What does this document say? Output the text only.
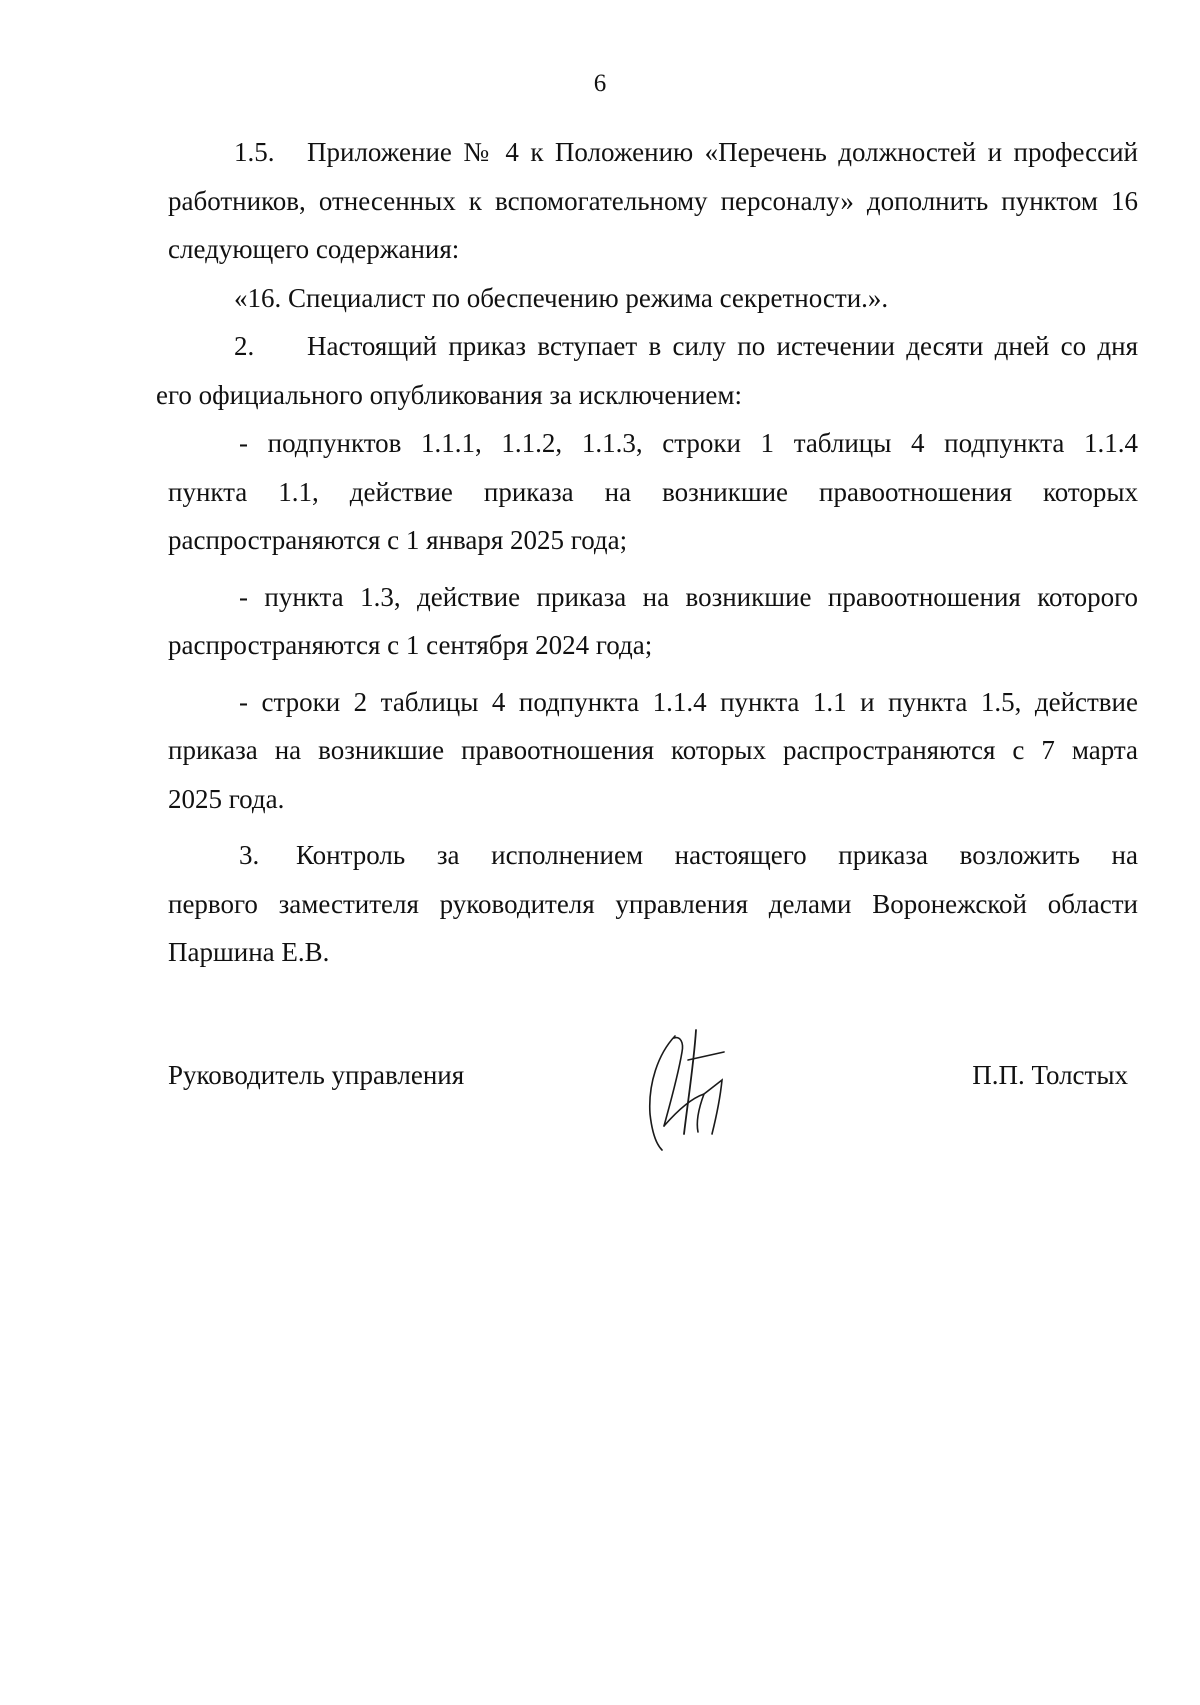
6
1.5. Приложение № 4 к Положению «Перечень должностей и профессий
работников, отнесенных к вспомогательному персоналу» дополнить пунктом 16
следующего содержания:
«16. Специалист по обеспечению режима секретности.».
2. Настоящий приказ вступает в силу по истечении десяти дней со дня
его официального опубликования за исключением:
- подпунктов 1.1.1, 1.1.2, 1.1.3, строки 1 таблицы 4 подпункта 1.1.4
пункта 1.1, действие приказа на возникшие правоотношения которых
распространяются с 1 января 2025 года;
- пункта 1.3, действие приказа на возникшие правоотношения которого
распространяются с 1 сентября 2024 года;
- строки 2 таблицы 4 подпункта 1.1.4 пункта 1.1 и пункта 1.5, действие
приказа на возникшие правоотношения которых распространяются с 7 марта
2025 года.
3. Контроль за исполнением настоящего приказа возложить на
первого заместителя руководителя управления делами Воронежской области
Паршина Е.В.
Руководитель управления	П.П. Толстых
